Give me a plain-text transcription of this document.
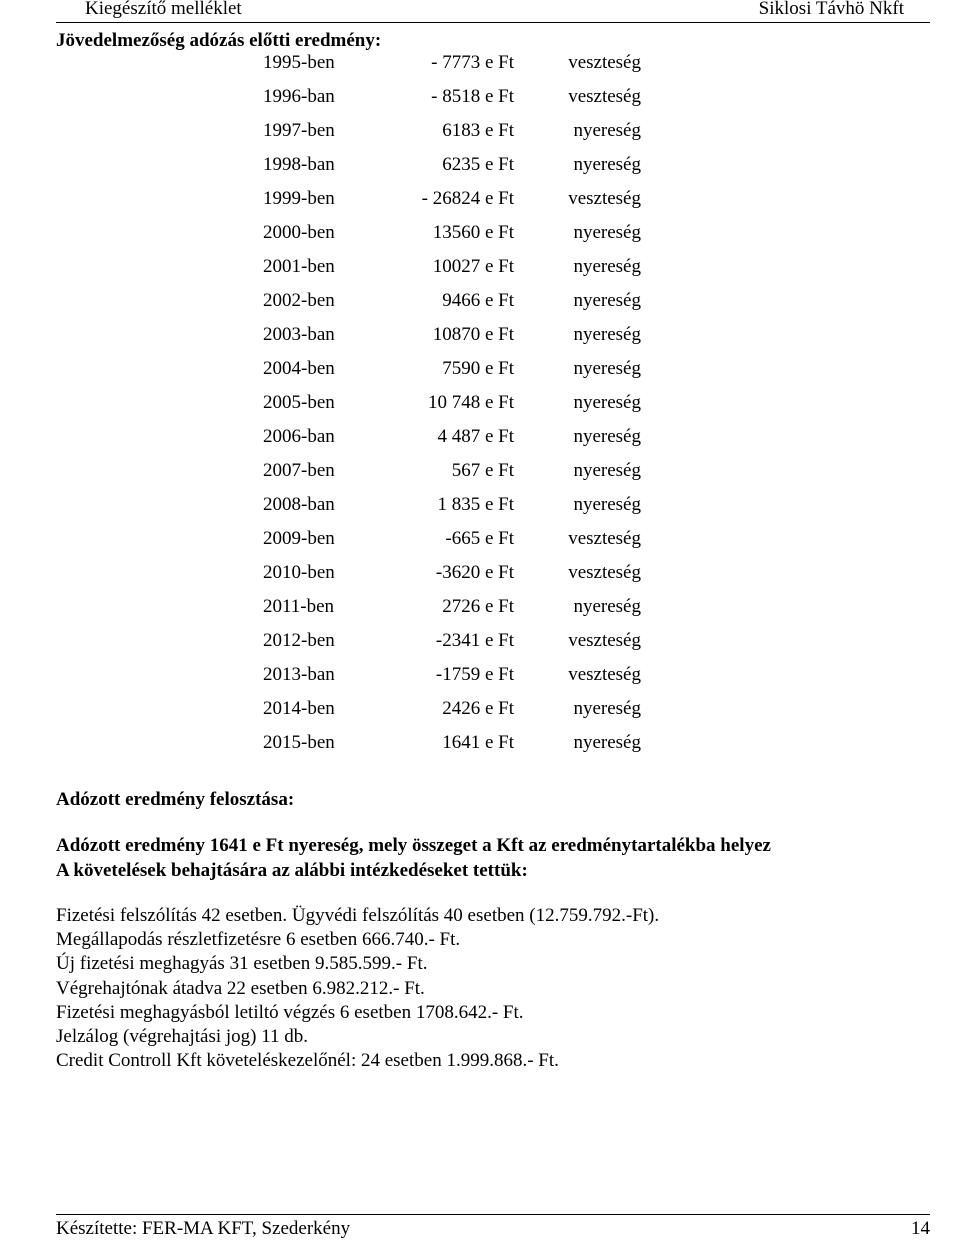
Kiegészítő melléklet	Siklosi Távhö Nkft
Jövedelmezőség adózás előtti eredmény:
1995-ben	- 7773 e Ft	veszteség
1996-ban	- 8518 e Ft	veszteség
1997-ben	6183 e Ft	nyereség
1998-ban	6235 e Ft	nyereség
1999-ben	- 26824 e Ft	veszteség
2000-ben	13560 e Ft	nyereség
2001-ben	10027 e Ft	nyereség
2002-ben	9466 e Ft	nyereség
2003-ban	10870 e Ft	nyereség
2004-ben	7590 e Ft	nyereség
2005-ben	10 748 e Ft	nyereség
2006-ban	4 487 e Ft	nyereség
2007-ben	567 e Ft	nyereség
2008-ban	1 835 e Ft	nyereség
2009-ben	-665 e Ft	veszteség
2010-ben	-3620 e Ft	veszteség
2011-ben	2726 e Ft	nyereség
2012-ben	-2341 e Ft	veszteség
2013-ban	-1759 e Ft	veszteség
2014-ben	2426 e Ft	nyereség
2015-ben	1641 e Ft	nyereség
Adózott eredmény felosztása:
Adózott eredmény 1641 e Ft nyereség, mely összeget a Kft az eredménytartalékba helyez
A követelések behajtására az alábbi intézkedéseket tettük:
Fizetési felszólítás 42 esetben. Ügyvédi felszólítás 40 esetben (12.759.792.-Ft).
Megállapodás részletfizetésre 6 esetben 666.740.- Ft.
Új fizetési meghagyás 31 esetben 9.585.599.- Ft.
Végrehajtónak átadva 22 esetben 6.982.212.- Ft.
Fizetési meghagyásból letiltó végzés 6 esetben 1708.642.- Ft.
Jelzálog (végrehajtási jog) 11 db.
Credit Controll Kft követeléskezelőnél: 24 esetben 1.999.868.- Ft.
Készítette: FER-MA KFT, Szederkény	14
